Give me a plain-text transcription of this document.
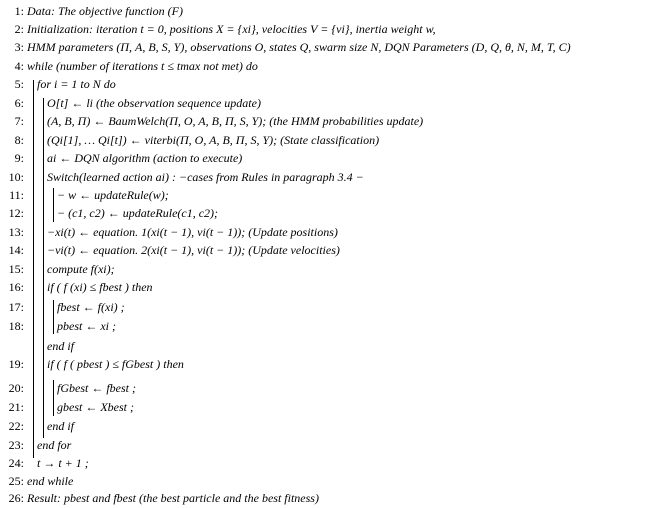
1: Data: The objective function (F)
2: Initialization: iteration t = 0, positions X = {xi}, velocities V = {vi}, inertia weight w,
3: HMM parameters (Π, A, B, S, Y), observations O, states Q, swarm size N, DQN Parameters (D, Q, θ, N, M, T, C)
4: while (number of iterations t ≤ tmax not met) do
5: for i = 1 to N do
6: O[t] ← li (the observation sequence update)
7: (A, B, Π) ← BaumWelch(Π, O, A, B, Π, S, Y); (the HMM probabilities update)
8: (Qi[1], … Qi[t]) ← viterbi(Π, O, A, B, Π, S, Y); (State classification)
9: ai ← DQN algorithm (action to execute)
10: Switch(learned action ai) : −cases from Rules in paragraph 3.4 −
11:	− w ← updateRule(w);
12:	− (c1, c2) ← updateRule(c1, c2);
13: −xi(t) ← equation. 1(xi(t − 1), vi(t − 1)); (Update positions)
14: −vi(t) ← equation. 2(xi(t − 1), vi(t − 1)); (Update velocities)
15: compute f(xi);
16: if ( f (xi) ≤ fbest ) then
17:	fbest ← f(xi) ;
18:	pbest ← xi ;
end if
19: if ( f ( pbest ) ≤ fGbest ) then
20:	fGbest ← fbest ;
21:	gbest ← Xbest ;
22: end if
23: end for
24: t → t + 1 ;
25: end while
26: Result: pbest and fbest (the best particle and the best fitness)
